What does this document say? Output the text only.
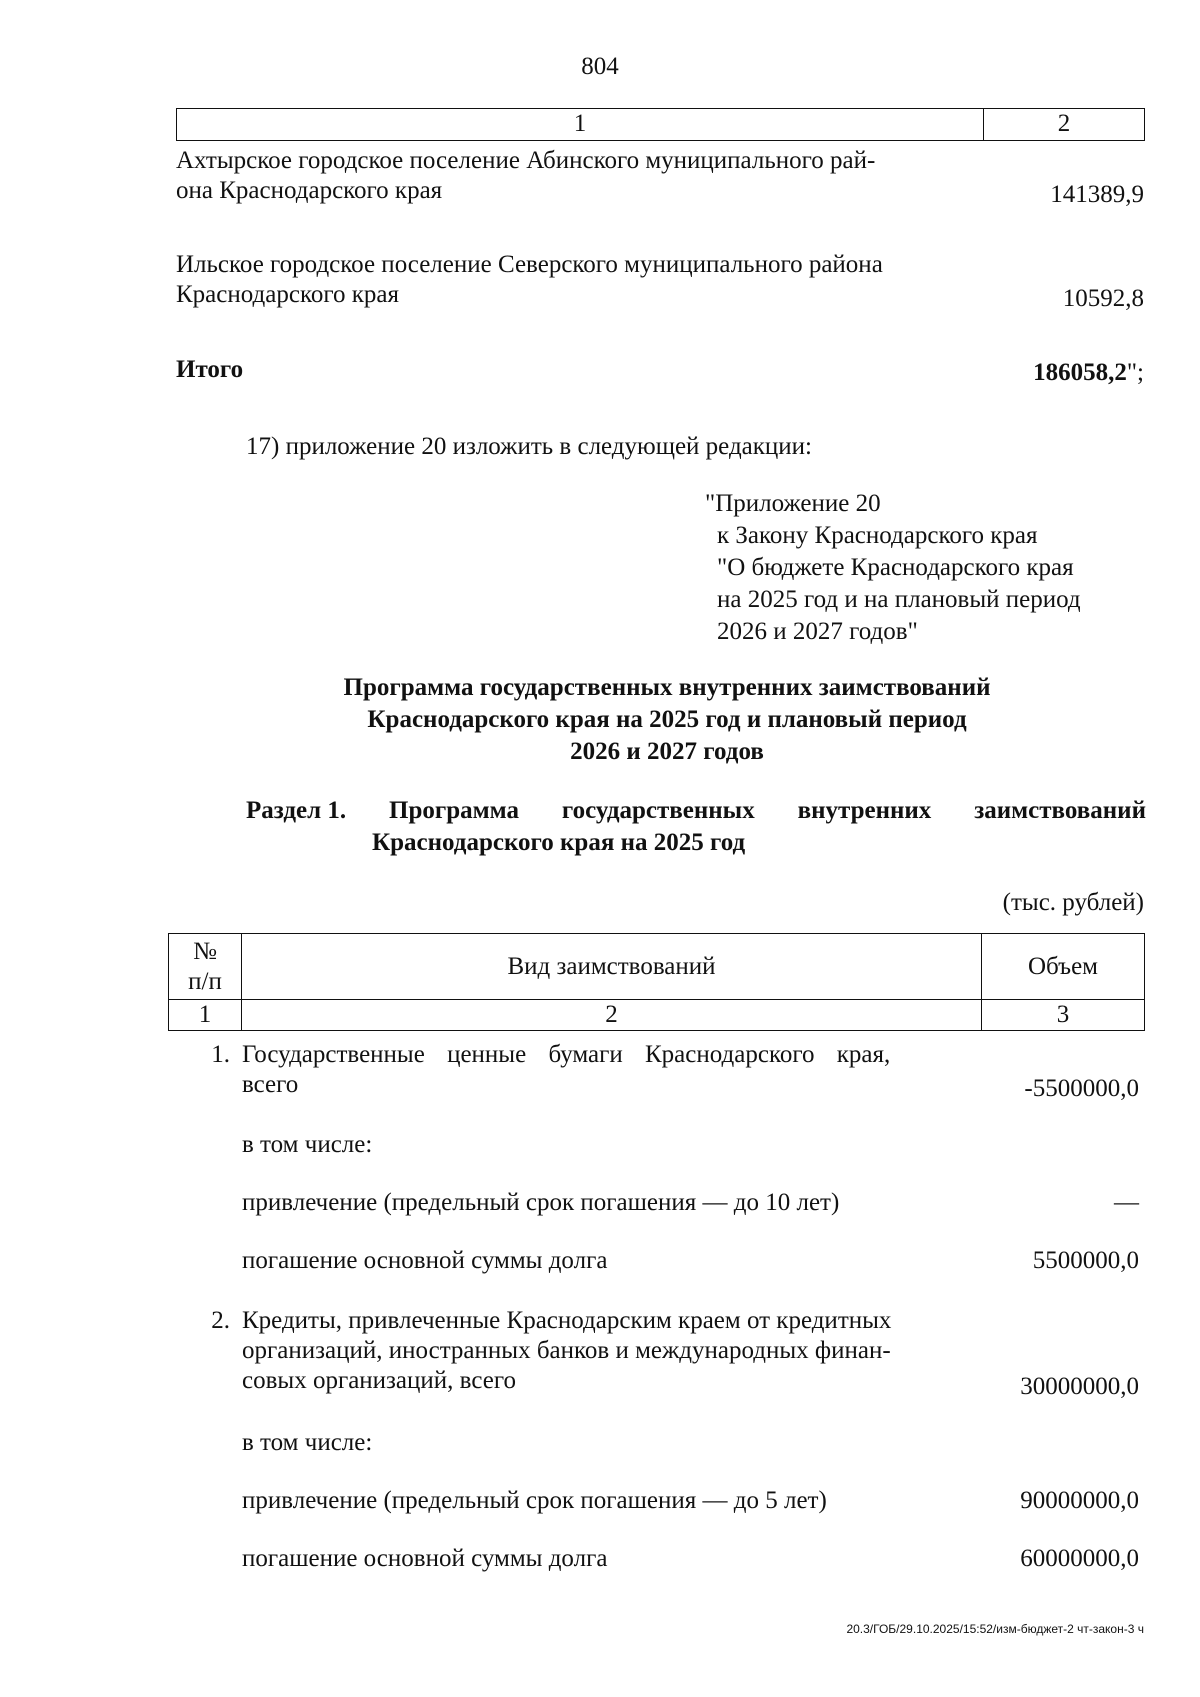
804
1	2
Ахтырское городское поселение Абинского муниципального рай-
она Краснодарского края	141389,9
Ильское городское поселение Северского муниципального района
Краснодарского края	10592,8
Итого	186058,2";
17) приложение 20 изложить в следующей редакции:
"Приложение 20
к Закону Краснодарского края
"О бюджете Краснодарского края
на 2025 год и на плановый период
2026 и 2027 годов"
Программа государственных внутренних заимствований
Краснодарского края на 2025 год и плановый период
2026 и 2027 годов
Раздел 1. Программа государственных внутренних заимствований
Краснодарского края на 2025 год
(тыс. рублей)
№
п/п	Вид заимствований	Объем
1	2	3
1. Государственные ценные бумаги Краснодарского края,
всего	-5500000,0
в том числе:
привлечение (предельный срок погашения — до 10 лет)	—
погашение основной суммы долга	5500000,0
2. Кредиты, привлеченные Краснодарским краем от кредитных
организаций, иностранных банков и международных финан-
совых организаций, всего	30000000,0
в том числе:
привлечение (предельный срок погашения — до 5 лет)	90000000,0
погашение основной суммы долга	60000000,0
20.3/ГОБ/29.10.2025/15:52/изм-бюджет-2 чт-закон-3 ч
